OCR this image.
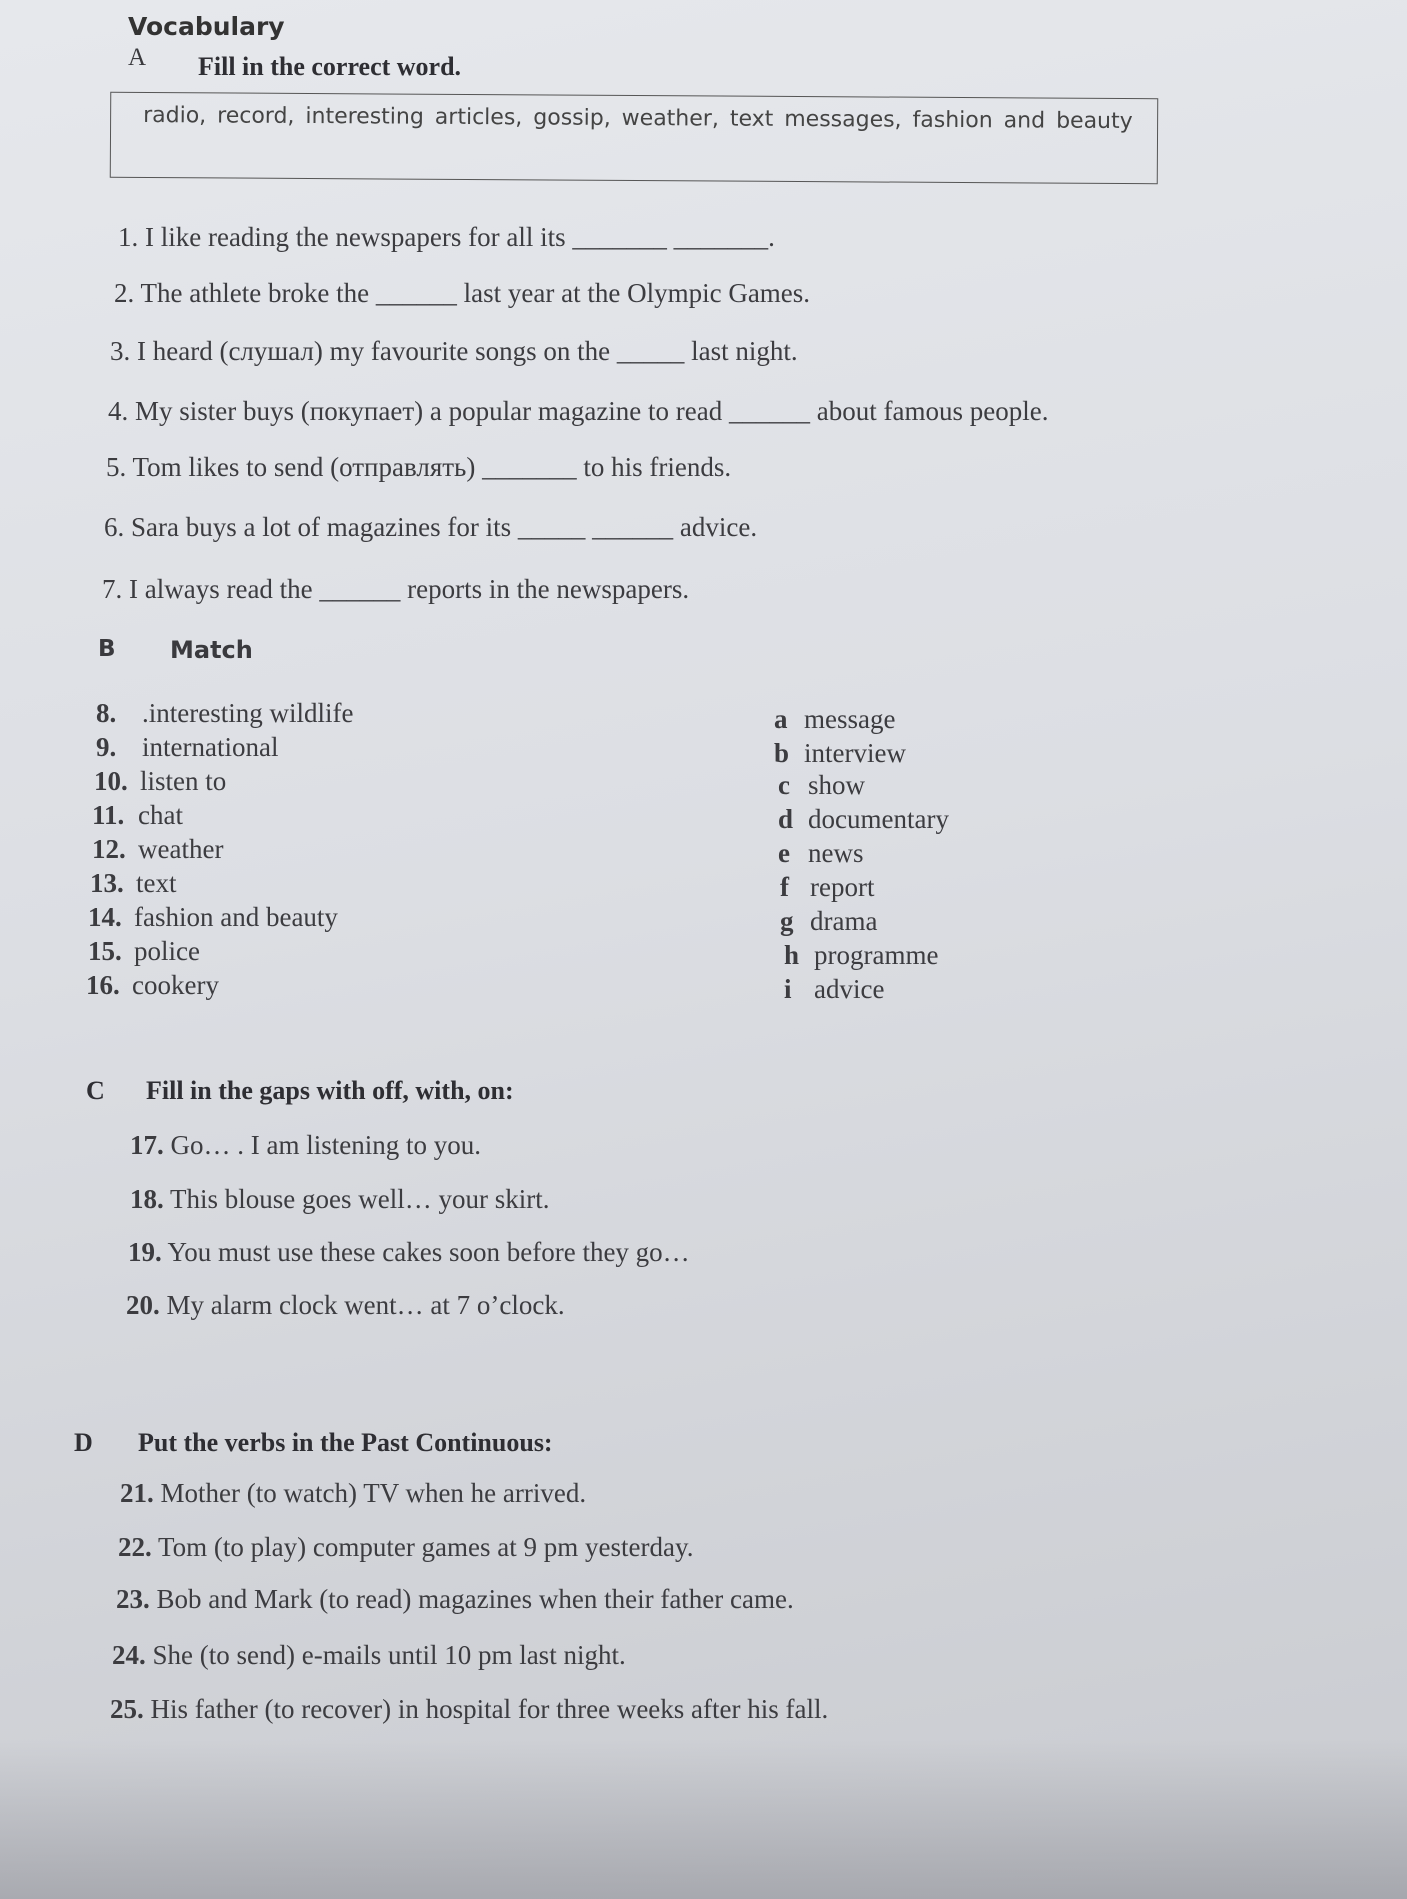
Vocabulary
A Fill in the correct word.
radio, record, interesting articles, gossip, weather, text messages, fashion and beauty
1. I like reading the newspapers for all its _______ _______.
2. The athlete broke the ______ last year at the Olympic Games.
3. I heard (слушал) my favourite songs on the _____ last night.
4. My sister buys (покупает) a popular magazine to read ______ about famous people.
5. Tom likes to send (отправлять) _______ to his friends.
6. Sara buys a lot of magazines for its _____ ______ advice.
7. I always read the ______ reports in the newspapers.
B Match
8. .interesting wildlife
9. international
10. listen to
11. chat
12. weather
13. text
14. fashion and beauty
15. police
16. cookery
a message
b interview
c show
d documentary
e news
f report
g drama
h programme
i advice
C Fill in the gaps with off, with, on:
17. Go… . I am listening to you.
18. This blouse goes well… your skirt.
19. You must use these cakes soon before they go…
20. My alarm clock went… at 7 o’clock.
D Put the verbs in the Past Continuous:
21. Mother (to watch) TV when he arrived.
22. Tom (to play) computer games at 9 pm yesterday.
23. Bob and Mark (to read) magazines when their father came.
24. She (to send) e-mails until 10 pm last night.
25. His father (to recover) in hospital for three weeks after his fall.
